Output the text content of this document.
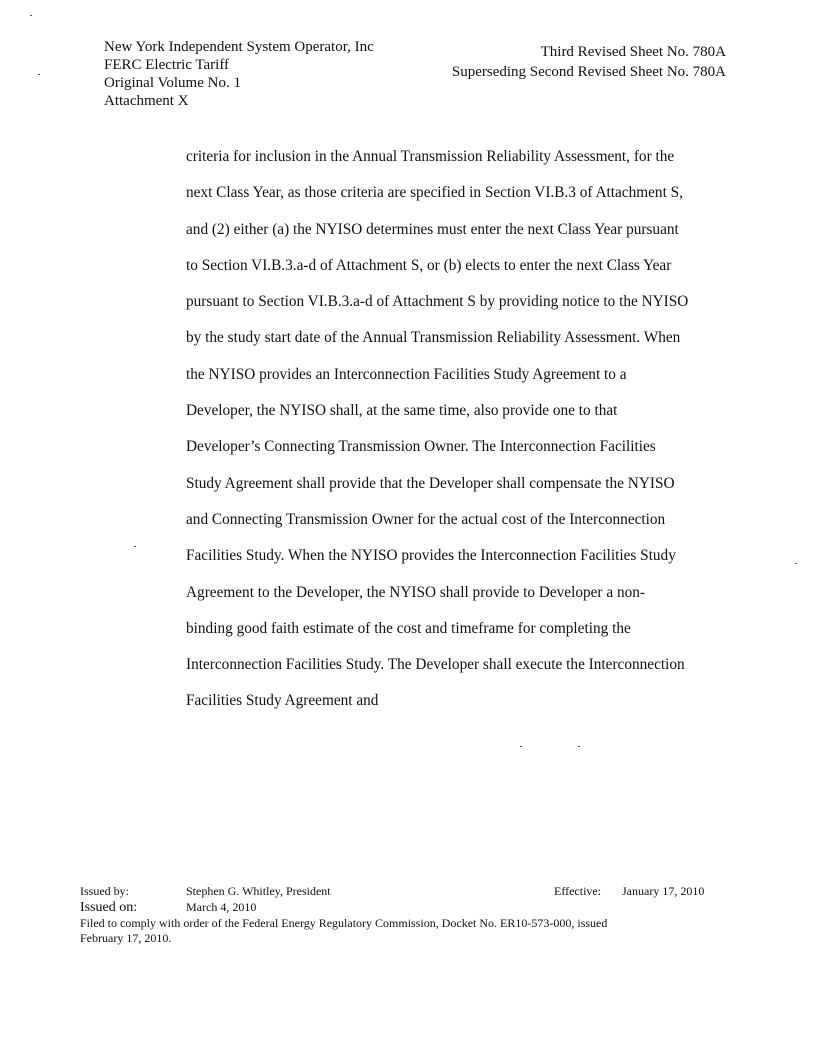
New York Independent System Operator, Inc
FERC Electric Tariff
Original Volume No. 1
Attachment X
Third Revised Sheet No. 780A
Superseding Second Revised Sheet No. 780A
criteria for inclusion in the Annual Transmission Reliability Assessment, for the
next Class Year, as those criteria are specified in Section VI.B.3 of Attachment S,
and (2) either (a) the NYISO determines must enter the next Class Year pursuant
to Section VI.B.3.a-d of Attachment S, or (b) elects to enter the next Class Year
pursuant to Section VI.B.3.a-d of Attachment S by providing notice to the NYISO
by the study start date of the Annual Transmission Reliability Assessment. When
the NYISO provides an Interconnection Facilities Study Agreement to a
Developer, the NYISO shall, at the same time, also provide one to that
Developer’s Connecting Transmission Owner. The Interconnection Facilities
Study Agreement shall provide that the Developer shall compensate the NYISO
and Connecting Transmission Owner for the actual cost of the Interconnection
Facilities Study. When the NYISO provides the Interconnection Facilities Study
Agreement to the Developer, the NYISO shall provide to Developer a non-
binding good faith estimate of the cost and timeframe for completing the
Interconnection Facilities Study. The Developer shall execute the Interconnection
Facilities Study Agreement and
Issued by:	Stephen G. Whitley, President	Effective: January 17, 2010
Issued on:	March 4, 2010
Filed to comply with order of the Federal Energy Regulatory Commission, Docket No. ER10-573-000, issued
February 17, 2010.
